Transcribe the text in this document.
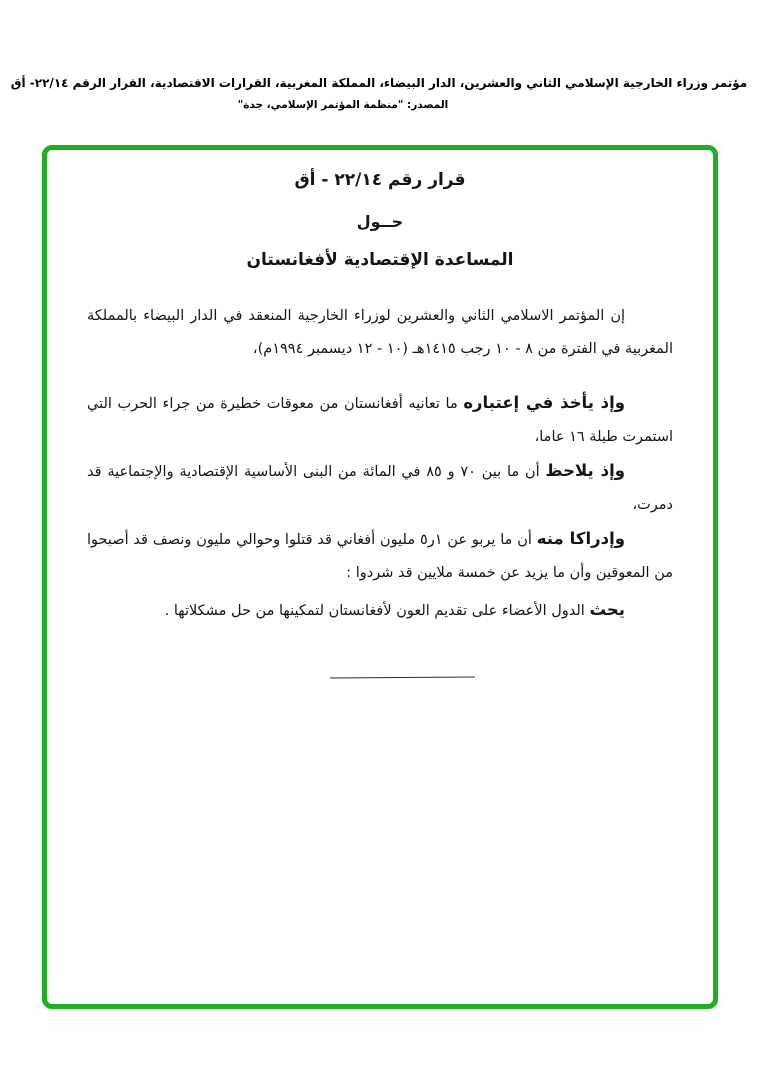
مؤتمر وزراء الخارجية الإسلامي الثاني والعشرين، الدار البيضاء، المملكة المغربية، القرارات الاقتصادية، القرار الرقم ٢٢/١٤- أق
المصدر: "منظمة المؤتمر الإسلامي، جدة"
قرار رقم ٢٢/١٤ - أق
حــول
المساعدة الإقتصادية لأفغانستان

إن المؤتمر الاسلامي الثاني والعشرين لوزراء الخارجية المنعقد في الدار البيضاء بالمملكة المغربية في الفترة من ٨ - ١٠ رجب ١٤١٥هـ (١٠ - ١٢ ديسمبر ١٩٩٤م)،

وإذ يأخذ في إعتباره ما تعانيه أفغانستان من معوقات خطيرة من جراء الحرب التي استمرت طيلة ١٦ عاما،

وإذ يلاحظ أن ما بين ٧٠ و ٨٥ في المائة من البنى الأساسية الإقتصادية والإجتماعية قد دمرت،

وإدراكا منه أن ما يربو عن ١ر٥ مليون أفغاني قد قتلوا وحوالي مليون ونصف قد أصبحوا من المعوقين وأن ما يزيد عن خمسة ملايين قد شردوا :

يحث الدول الأعضاء على تقديم العون لأفغانستان لتمكينها من حل مشكلاتها .
